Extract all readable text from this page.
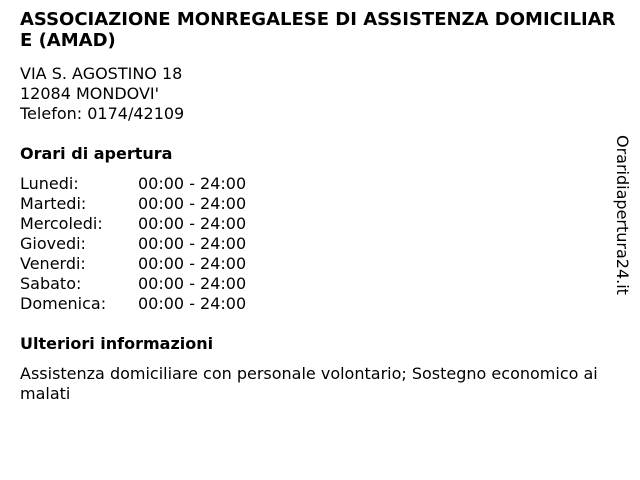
ASSOCIAZIONE MONREGALESE DI ASSISTENZA DOMICILIARE (AMAD)
VIA S. AGOSTINO 18
12084 MONDOVI'
Telefon: 0174/42109
Orari di apertura
Lunedi:	00:00 - 24:00
Martedi:	00:00 - 24:00
Mercoledi:	00:00 - 24:00
Giovedi:	00:00 - 24:00
Venerdi:	00:00 - 24:00
Sabato:	00:00 - 24:00
Domenica:	00:00 - 24:00
Ulteriori informazioni
Assistenza domiciliare con personale volontario; Sostegno economico ai malati
Oraridiapertura24.it
